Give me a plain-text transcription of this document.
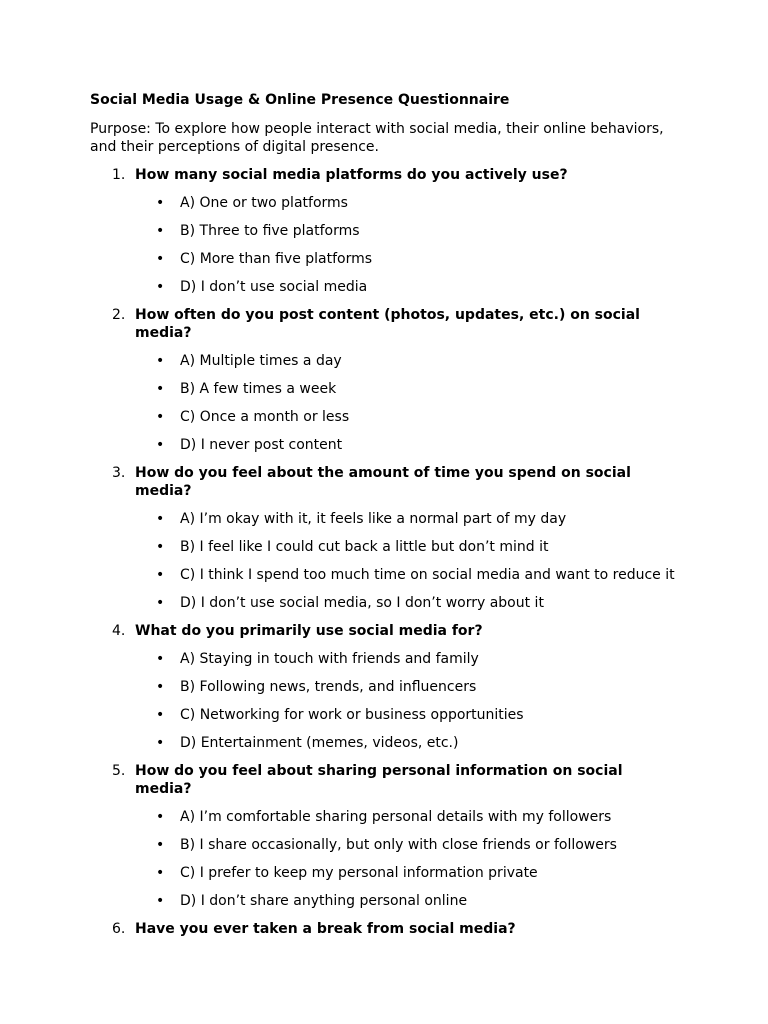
Social Media Usage & Online Presence Questionnaire
Purpose: To explore how people interact with social media, their online behaviors, and their perceptions of digital presence.
1. How many social media platforms do you actively use?
• A) One or two platforms
• B) Three to five platforms
• C) More than five platforms
• D) I don’t use social media
2. How often do you post content (photos, updates, etc.) on social media?
• A) Multiple times a day
• B) A few times a week
• C) Once a month or less
• D) I never post content
3. How do you feel about the amount of time you spend on social media?
• A) I’m okay with it, it feels like a normal part of my day
• B) I feel like I could cut back a little but don’t mind it
• C) I think I spend too much time on social media and want to reduce it
• D) I don’t use social media, so I don’t worry about it
4. What do you primarily use social media for?
• A) Staying in touch with friends and family
• B) Following news, trends, and influencers
• C) Networking for work or business opportunities
• D) Entertainment (memes, videos, etc.)
5. How do you feel about sharing personal information on social media?
• A) I’m comfortable sharing personal details with my followers
• B) I share occasionally, but only with close friends or followers
• C) I prefer to keep my personal information private
• D) I don’t share anything personal online
6. Have you ever taken a break from social media?
